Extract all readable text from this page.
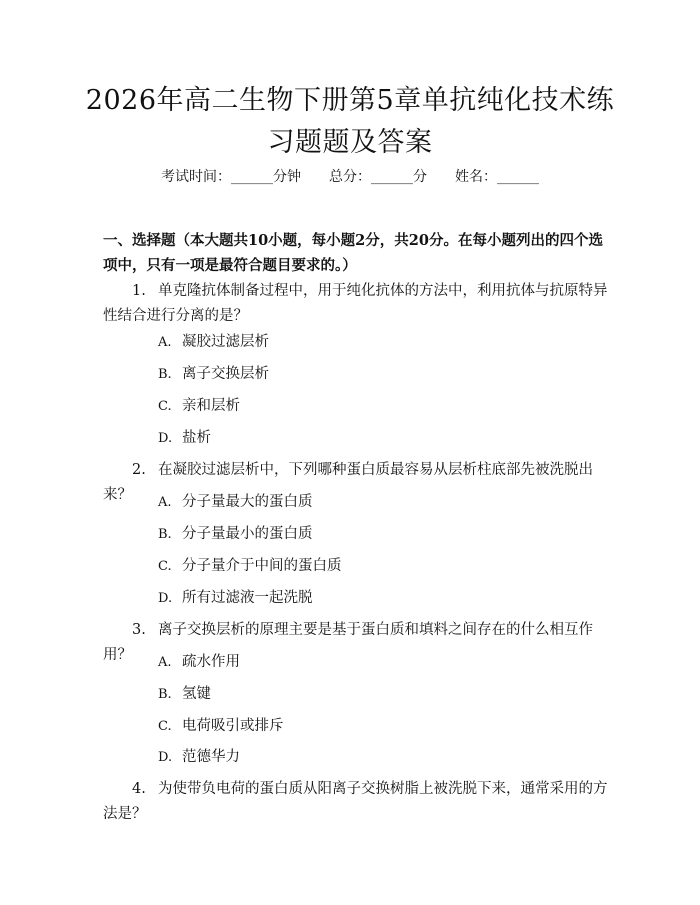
2026年高二生物下册第5章单抗纯化技术练
习题题及答案
考试时间：______分钟 总分：______分 姓名：______
一、选择题（本大题共10小题，每小题2分，共20分。在每小题列出的四个选项中，只有一项是最符合题目要求的。）
1. 单克隆抗体制备过程中，用于纯化抗体的方法中，利用抗体与抗原特异性结合进行分离的是？
A. 凝胶过滤层析
B. 离子交换层析
C. 亲和层析
D. 盐析
2. 在凝胶过滤层析中，下列哪种蛋白质最容易从层析柱底部先被洗脱出来？	A. 分子量最大的蛋白质
B. 分子量最小的蛋白质
C. 分子量介于中间的蛋白质
D. 所有过滤液一起洗脱
3. 离子交换层析的原理主要是基于蛋白质和填料之间存在的什么相互作用？	A. 疏水作用
B. 氢键
C. 电荷吸引或排斥
D. 范德华力
4. 为使带负电荷的蛋白质从阳离子交换树脂上被洗脱下来，通常采用的方法是？
